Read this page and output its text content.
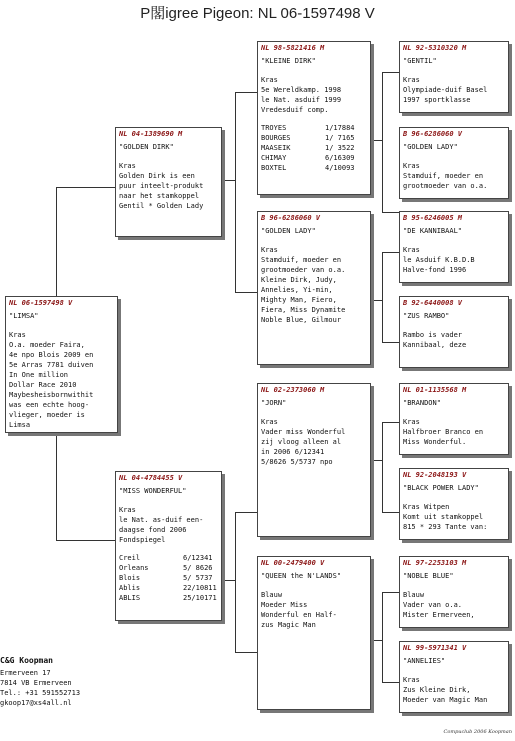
P閣igree Pigeon: NL 06-1597498 V
NL 06-1597498 V
"LIMSA"
Kras
O.a. moeder Faira,
4e npo Blois 2009 en
5e Arras 7781 duiven
In One million
Dollar Race 2010
Maybesheisbornwithit
was een echte hoog-
vlieger, moeder is
Limsa
NL 04-1389690 M
"GOLDEN DIRK"
Kras
Golden Dirk is een
puur inteelt-produkt
naar het stamkoppel
Gentil * Golden Lady
NL 04-4784455 V
"MISS WONDERFUL"
Kras
le Nat. as-duif een-
daagse fond 2006
Fondspiegel
Creil	6/12341
Orleans	5/ 8626
Blois	5/ 5737
Ablis	22/10811
ABLIS	25/10171
NL 98-5821416 M
"KLEINE DIRK"
Kras
5e Wereldkamp. 1998
le Nat. asduif 1999
Vredesduif comp.
TROYES	1/17884
BOURGES	1/ 7165
MAASEIK	1/ 3522
CHIMAY	6/16309
BOXTEL	4/10093
B 96-6286060 V
"GOLDEN LADY"
Kras
Stamduif, moeder en
grootmoeder van o.a.
Kleine Dirk, Judy,
Annelies, Yi-min,
Mighty Man, Fiero,
Fiera, Miss Dynamite
Noble Blue, Gilmour
NL 02-2373060 M
"JORN"
Kras
Vader miss Wonderful
zij vloog alleen al
in 2006 6/12341
5/8626 5/5737 npo
NL 00-2479400 V
"QUEEN the N'LANDS"
Blauw
Moeder Miss
Wonderful en Half-
zus Magic Man
NL 92-5310320 M
"GENTIL"
Kras
Olympiade-duif Basel
1997 sportklasse
B 96-6286060 V
"GOLDEN LADY"
Kras
Stamduif, moeder en
grootmoeder van o.a.
B 95-6246005 M
"DE KANNIBAAL"
Kras
le Asduif K.B.D.B
Halve-fond 1996
B 92-6440008 V
"ZUS RAMBO"
Rambo is vader
Kannibaal, deze
NL 01-1135568 M
"BRANDON"
Kras
Halfbroer Branco en
Miss Wonderful.
NL 92-2048193 V
"BLACK POWER LADY"
Kras Witpen
Komt uit stamkoppel
815 * 293 Tante van:
NL 97-2253103 M
"NOBLE BLUE"
Blauw
Vader van o.a.
Mister Ermerveen,
NL 99-5971341 V
"ANNELIES"
Kras
Zus Kleine Dirk,
Moeder van Magic Man
C&G Koopman
Ermerveen 17
7814 VB Ermerveen
Tel.: +31 591552713
gkoop17@xs4all.nl
Compuclub 2006 Koopman
